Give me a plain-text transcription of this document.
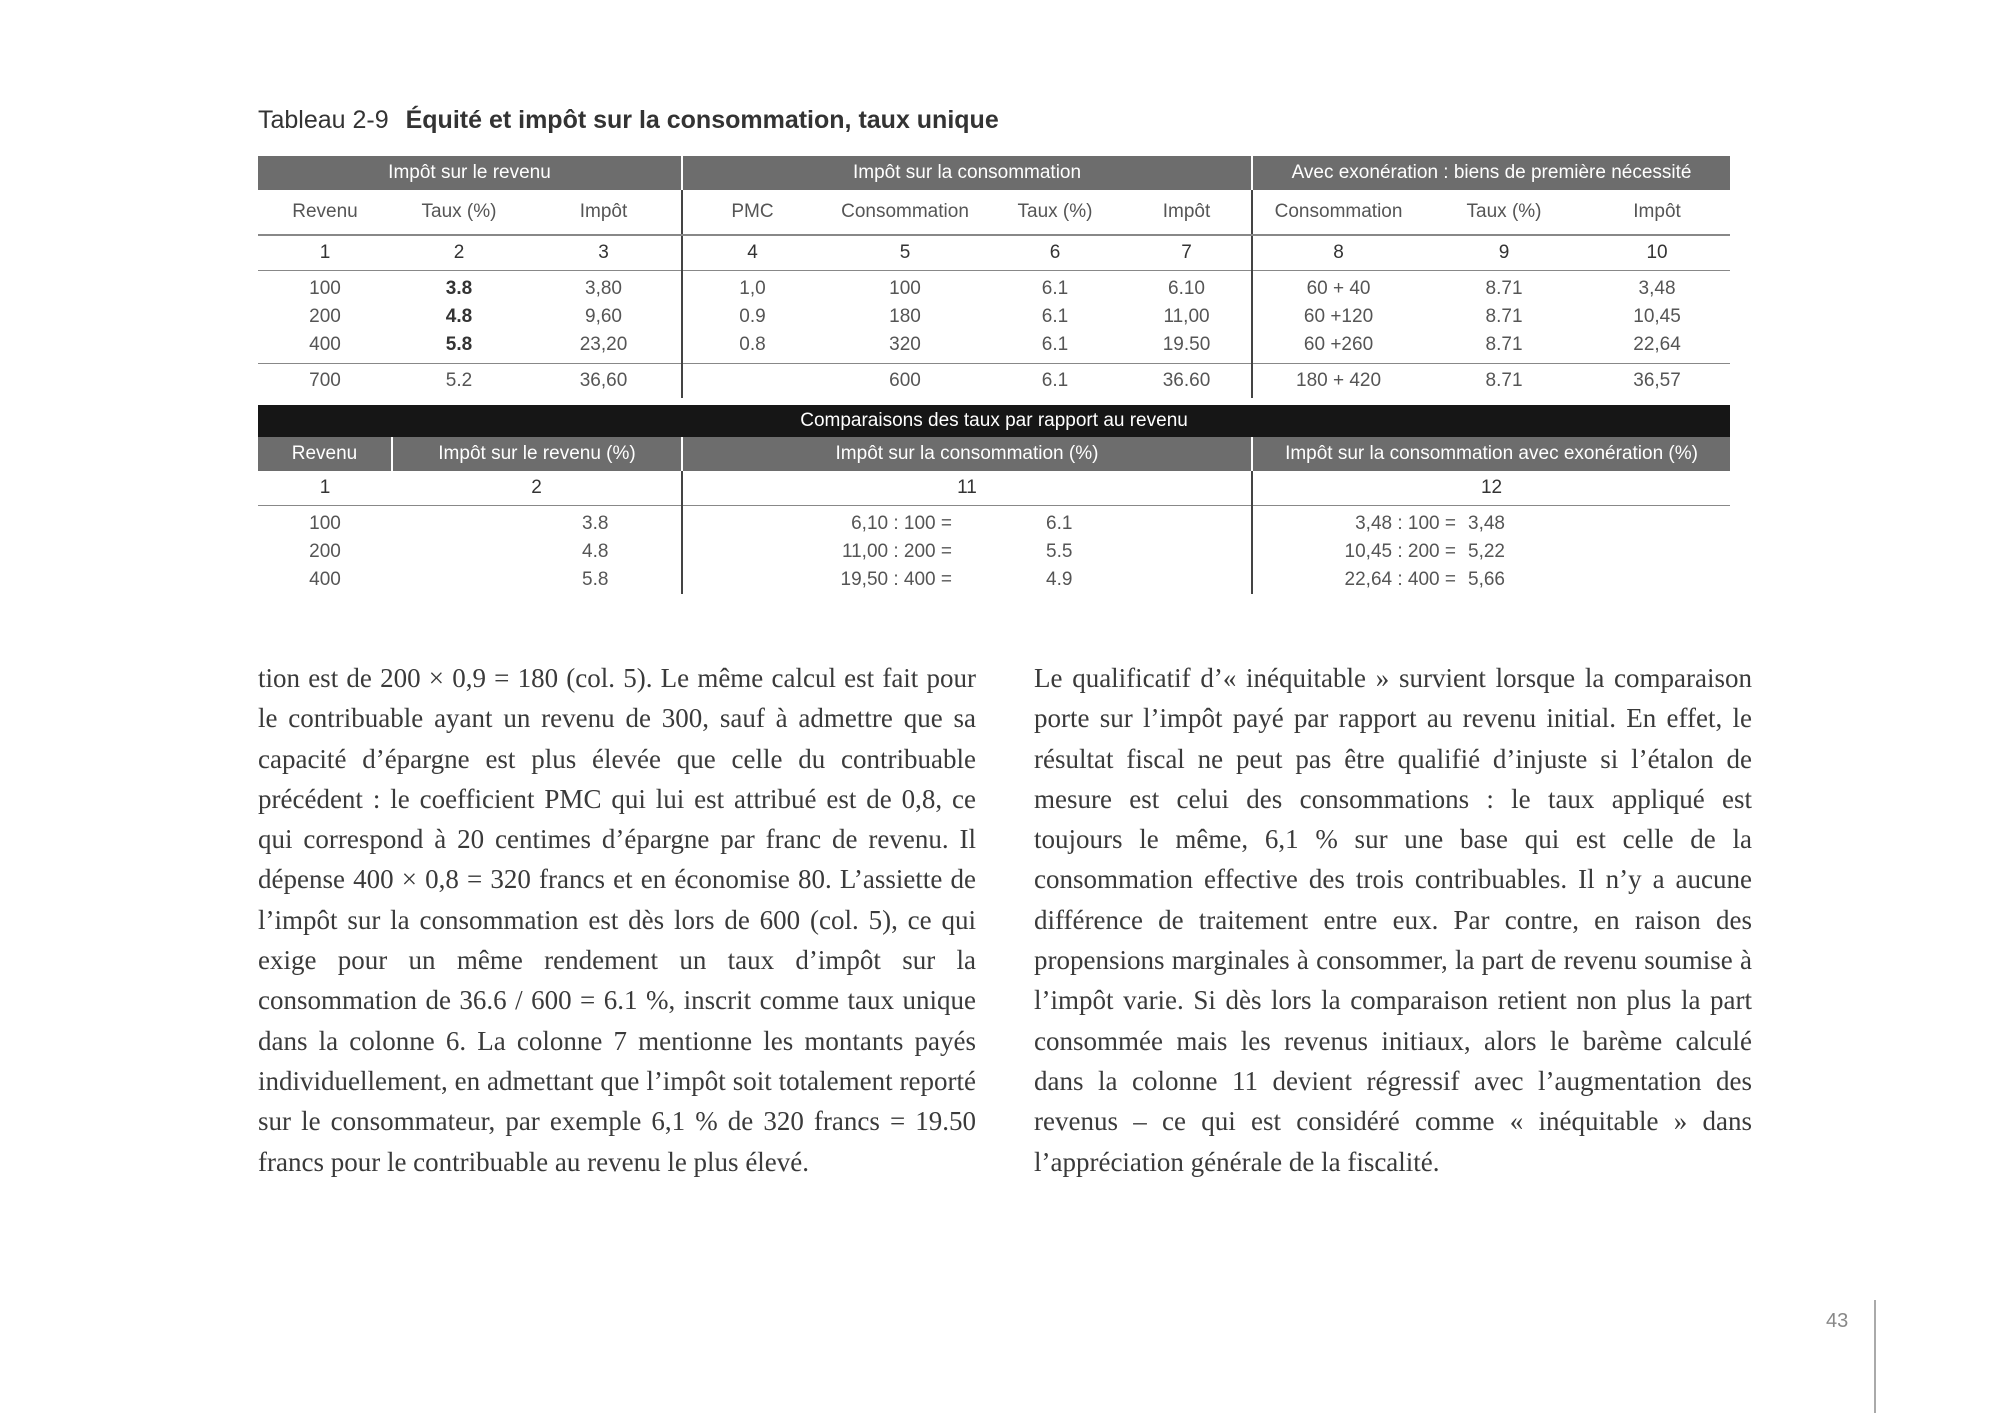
Tableau 2-9 Équité et impôt sur la consommation, taux unique
Impôt sur le revenu			Impôt sur la consommation				Avec exonération : biens de première nécessité		
Revenu	Taux (%)	Impôt	PMC	Consommation	Taux (%)	Impôt	Consommation	Taux (%)	Impôt
1	2	3	4	5	6	7	8	9	10
100	3.8	3,80	1,0	100	6.1	6.10	60 + 40	8.71	3,48
200	4.8	9,60	0.9	180	6.1	11,00	60 +120	8.71	10,45
400	5.8	23,20	0.8	320	6.1	19.50	60 +260	8.71	22,64
700	5.2	36,60		600	6.1	36.60	180 + 420	8.71	36,57
Comparaisons des taux par rapport au revenu					
Revenu	Impôt sur le revenu (%)	Impôt sur la consommation (%)		Impôt sur la consommation avec exonération (%)	
1	2	11		12	
100	3.8	6,10 : 100 =	6.1	3,48 : 100 =	3,48
200	4.8	11,00 : 200 =	5.5	10,45 : 200 =	5,22
400	5.8	19,50 : 400 =	4.9	22,64 : 400 =	5,66

tion est de 200 × 0,9 = 180 (col. 5). Le même calcul est fait pour le contribuable ayant un revenu de 300, sauf à admettre que sa capacité d’épargne est plus élevée que celle du contribuable précédent : le coefficient PMC qui lui est attribué est de 0,8, ce qui correspond à 20 centimes d’épargne par franc de revenu. Il dépense 400 × 0,8 = 320 francs et en économise 80. L’assiette de l’impôt sur la consommation est dès lors de 600 (col. 5), ce qui exige pour un même rendement un taux d’impôt sur la consommation de 36.6 / 600 = 6.1 %, inscrit comme taux unique dans la colonne 6. La colonne 7 mentionne les montants payés individuellement, en admettant que l’impôt soit totalement reporté sur le consommateur, par exemple 6,1 % de 320 francs = 19.50 francs pour le contribuable au revenu le plus élevé.

Le qualificatif d’« inéquitable » survient lorsque la comparaison porte sur l’impôt payé par rapport au revenu initial. En effet, le résultat fiscal ne peut pas être qualifié d’injuste si l’étalon de mesure est celui des consommations : le taux appliqué est toujours le même, 6,1 % sur une base qui est celle de la consommation effective des trois contribuables. Il n’y a aucune différence de traitement entre eux. Par contre, en raison des propensions marginales à consommer, la part de revenu soumise à l’impôt varie. Si dès lors la comparaison retient non plus la part consommée mais les revenus initiaux, alors le barème calculé dans la colonne 11 devient régressif avec l’augmentation des revenus – ce qui est considéré comme « inéquitable » dans l’appréciation générale de la fiscalité.

43
